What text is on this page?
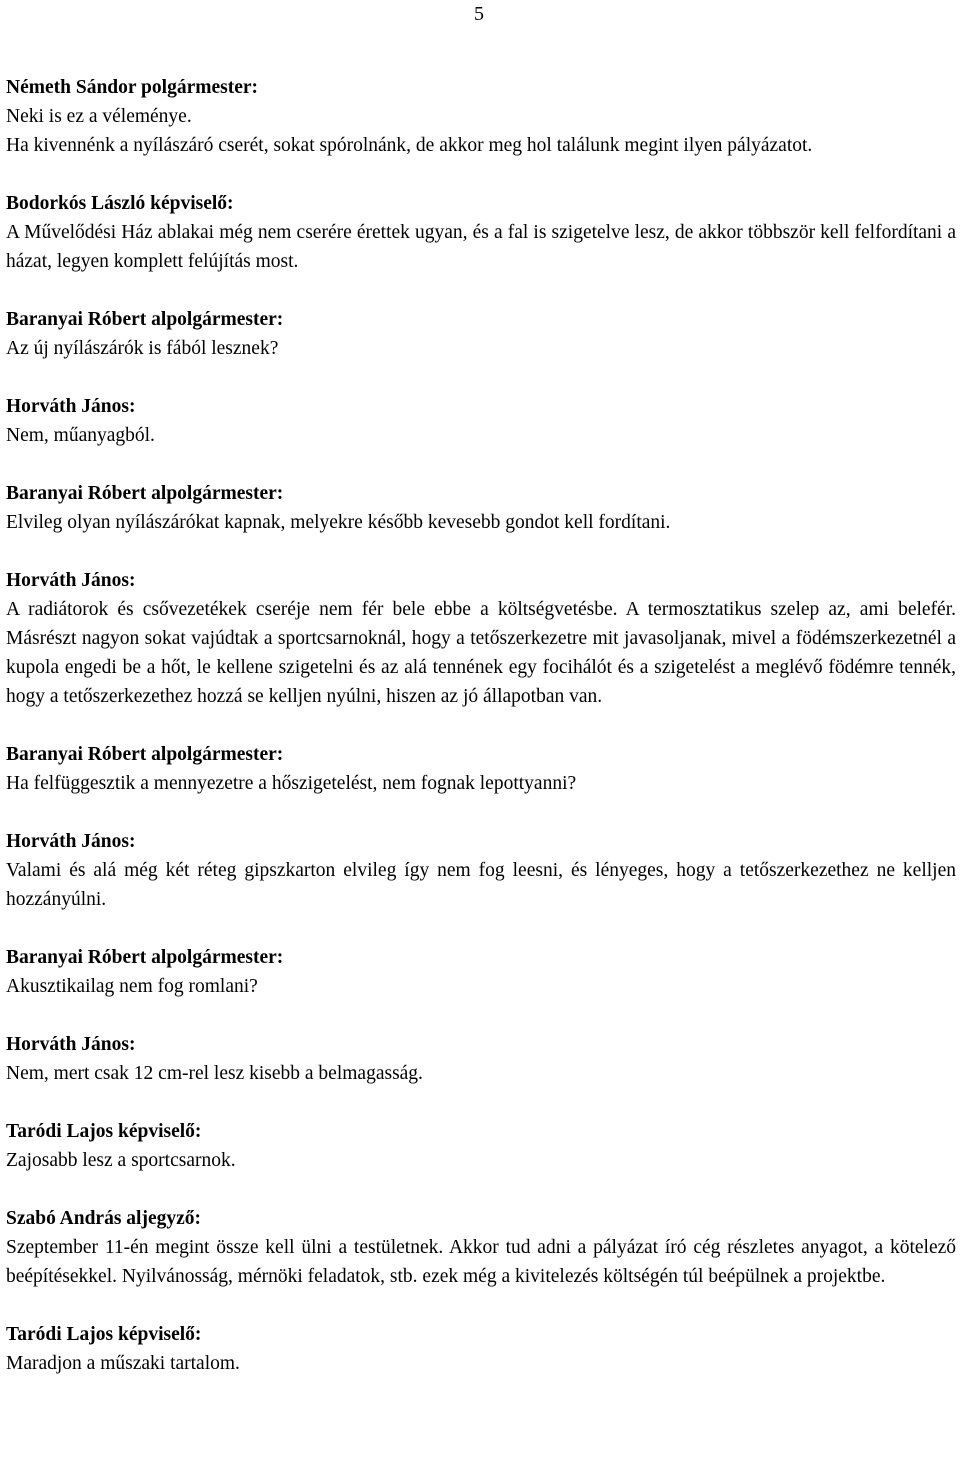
5
Németh Sándor polgármester:

Neki is ez a véleménye.

Ha kivennénk a nyílászáró cserét, sokat spórolnánk, de akkor meg hol találunk megint ilyen pályázatot.

Bodorkós László képviselő:

A Művelődési Ház ablakai még nem cserére érettek ugyan, és a fal is szigetelve lesz, de akkor többször kell felfordítani a házat, legyen komplett felújítás most.

Baranyai Róbert alpolgármester:

Az új nyílászárók is fából lesznek?

Horváth János:

Nem, műanyagból.

Baranyai Róbert alpolgármester:

Elvileg olyan nyílászárókat kapnak, melyekre később kevesebb gondot kell fordítani.

Horváth János:

A radiátorok és csővezetékek cseréje nem fér bele ebbe a költségvetésbe. A termosztatikus szelep az, ami belefér. Másrészt nagyon sokat vajúdtak a sportcsarnoknál, hogy a tetőszerkezetre mit javasoljanak, mivel a födémszerkezetnél a kupola engedi be a hőt, le kellene szigetelni és az alá tennének egy focihálót és a szigetelést a meglévő födémre tennék, hogy a tetőszerkezethez hozzá se kelljen nyúlni, hiszen az jó állapotban van.

Baranyai Róbert alpolgármester:

Ha felfüggesztik a mennyezetre a hőszigetelést, nem fognak lepottyanni?

Horváth János:

Valami és alá még két réteg gipszkarton elvileg így nem fog leesni, és lényeges, hogy a tetőszerkezethez ne kelljen hozzányúlni.

Baranyai Róbert alpolgármester:

Akusztikailag nem fog romlani?

Horváth János:

Nem, mert csak 12 cm-rel lesz kisebb a belmagasság.

Taródi Lajos képviselő:

Zajosabb lesz a sportcsarnok.

Szabó András aljegyző:

Szeptember 11-én megint össze kell ülni a testületnek. Akkor tud adni a pályázat író cég részletes anyagot, a kötelező beépítésekkel. Nyilvánosság, mérnöki feladatok, stb. ezek még a kivitelezés költségén túl beépülnek a projektbe.

Taródi Lajos képviselő:

Maradjon a műszaki tartalom.
